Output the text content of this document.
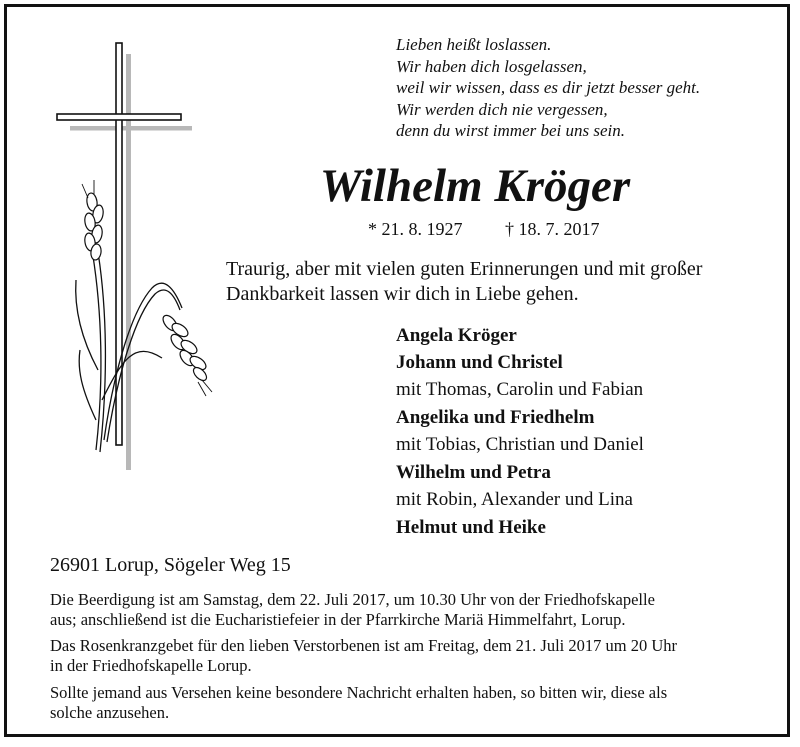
Lieben heißt loslassen.
Wir haben dich losgelassen,
weil wir wissen, dass es dir jetzt besser geht.
Wir werden dich nie vergessen,
denn du wirst immer bei uns sein.
Wilhelm Kröger
* 21. 8. 1927 † 18. 7. 2017
Traurig, aber mit vielen guten Erinnerungen und mit großer
Dankbarkeit lassen wir dich in Liebe gehen.
Angela Kröger
Johann und Christel
mit Thomas, Carolin und Fabian
Angelika und Friedhelm
mit Tobias, Christian und Daniel
Wilhelm und Petra
mit Robin, Alexander und Lina
Helmut und Heike
26901 Lorup, Sögeler Weg 15
Die Beerdigung ist am Samstag, dem 22. Juli 2017, um 10.30 Uhr von der Friedhofskapelle
aus; anschließend ist die Eucharistiefeier in der Pfarrkirche Mariä Himmelfahrt, Lorup.
Das Rosenkranzgebet für den lieben Verstorbenen ist am Freitag, dem 21. Juli 2017 um 20 Uhr
in der Friedhofskapelle Lorup.
Sollte jemand aus Versehen keine besondere Nachricht erhalten haben, so bitten wir, diese als
solche anzusehen.
